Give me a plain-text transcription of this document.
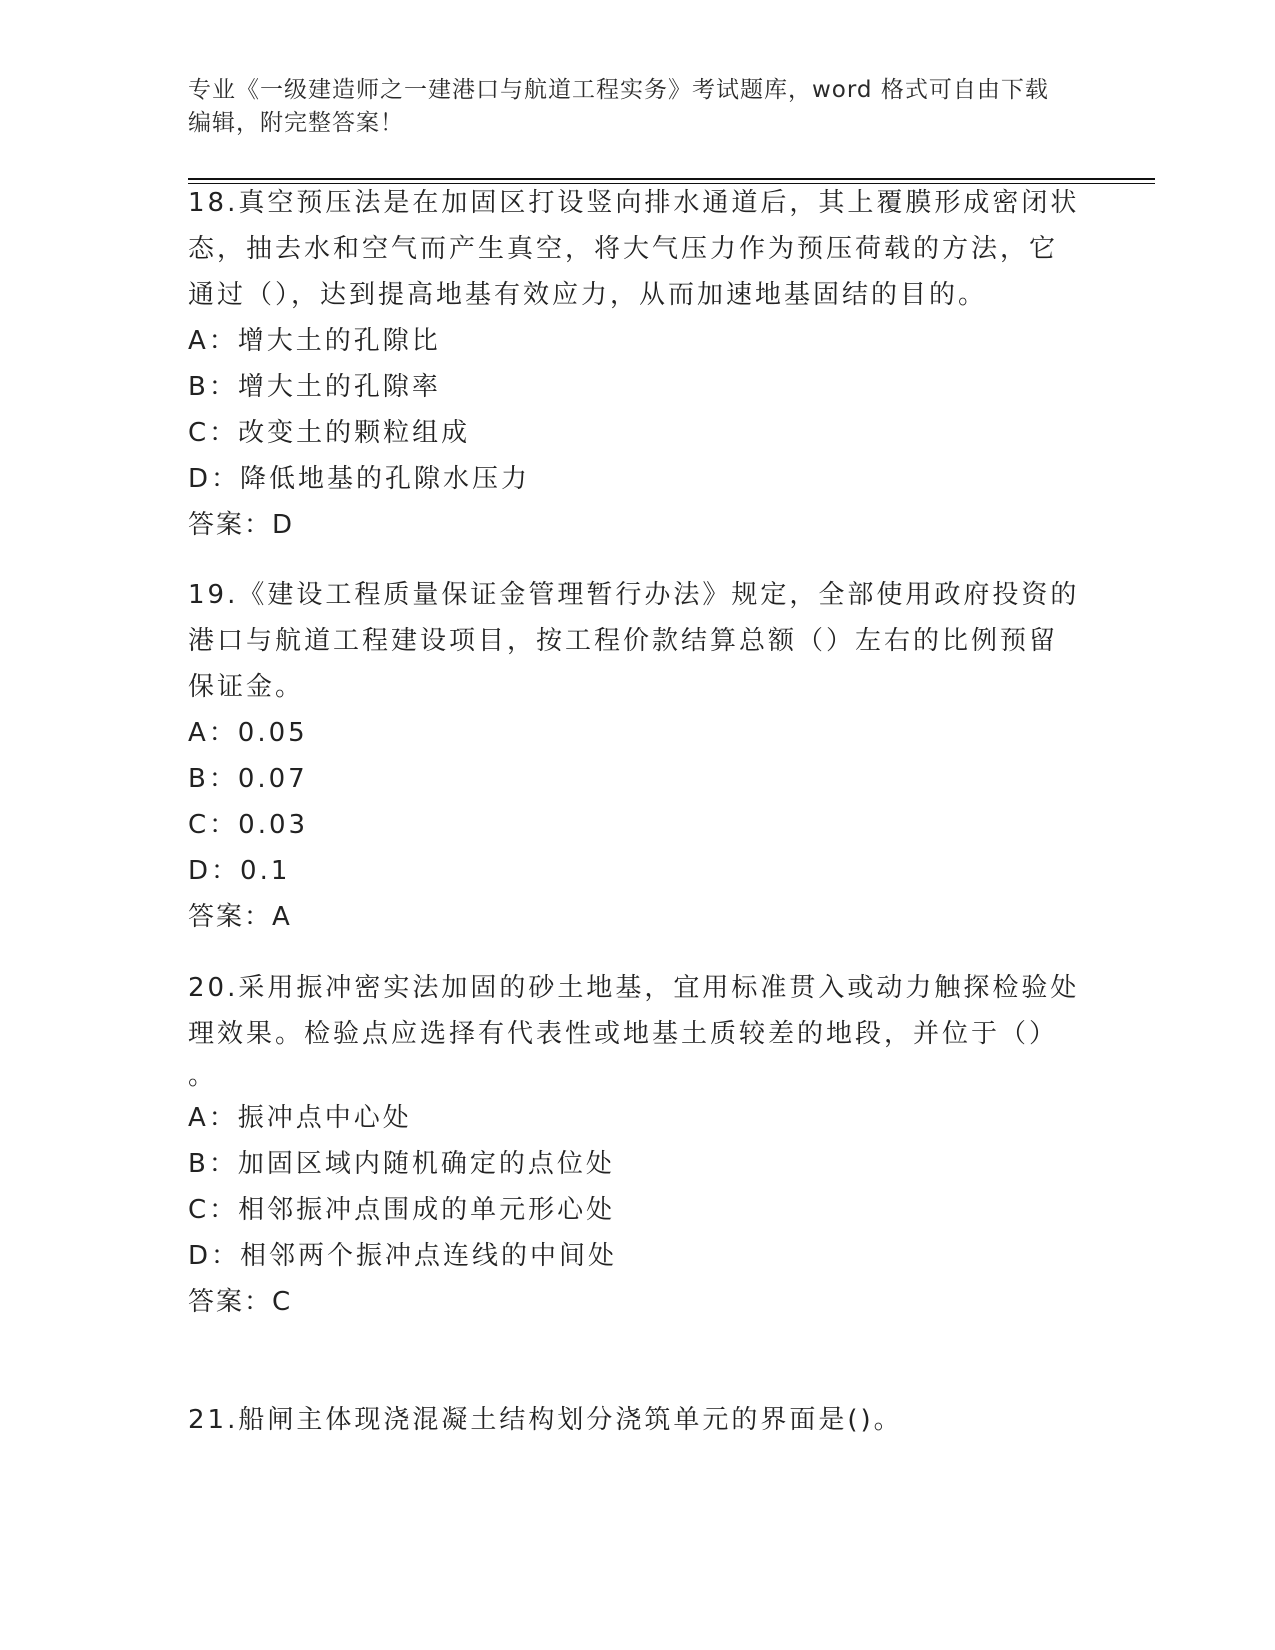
专业《一级建造师之一建港口与航道工程实务》考试题库，word 格式可自由下载
编辑，附完整答案！

18.真空预压法是在加固区打设竖向排水通道后，其上覆膜形成密闭状

态，抽去水和空气而产生真空，将大气压力作为预压荷载的方法，它

通过（），达到提高地基有效应力，从而加速地基固结的目的。

A：增大土的孔隙比

B：增大土的孔隙率

C：改变土的颗粒组成

D：降低地基的孔隙水压力

答案：D

19.《建设工程质量保证金管理暂行办法》规定，全部使用政府投资的

港口与航道工程建设项目，按工程价款结算总额（）左右的比例预留

保证金。

A：0.05

B：0.07

C：0.03

D：0.1

答案：A

20.采用振冲密实法加固的砂土地基，宜用标准贯入或动力触探检验处

理效果。检验点应选择有代表性或地基土质较差的地段，并位于（）

。

A：振冲点中心处

B：加固区域内随机确定的点位处

C：相邻振冲点围成的单元形心处

D：相邻两个振冲点连线的中间处

答案：C

21.船闸主体现浇混凝土结构划分浇筑单元的界面是()。
